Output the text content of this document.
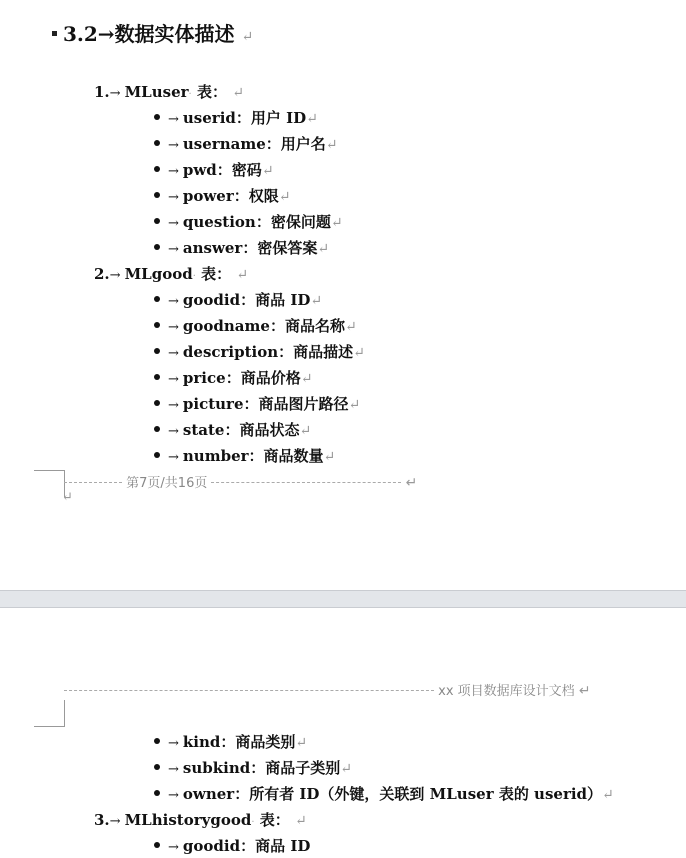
3.2→数据实体描述 ↵
1.→ MLuser· 表： ↵
→ userid：用户 ID↵
→ username：用户名↵
→ pwd：密码↵
→ power：权限↵
→ question：密保问题↵
→ answer：密保答案↵
2.→ MLgood· 表： ↵
→ goodid：商品 ID↵
→ goodname：商品名称↵
→ description：商品描述↵
→ price：商品价格↵
→ picture：商品图片路径↵
→ state：商品状态↵
→ number：商品数量↵
第7页/共16页	↵
↵
xx 项目数据库设计文档 ↵
→ kind：商品类别↵
→ subkind：商品子类别↵
→ owner：所有者 ID（外键，关联到 MLuser 表的 userid）↵
3.→ MLhistorygood· 表： ↵
→ goodid：商品 ID
